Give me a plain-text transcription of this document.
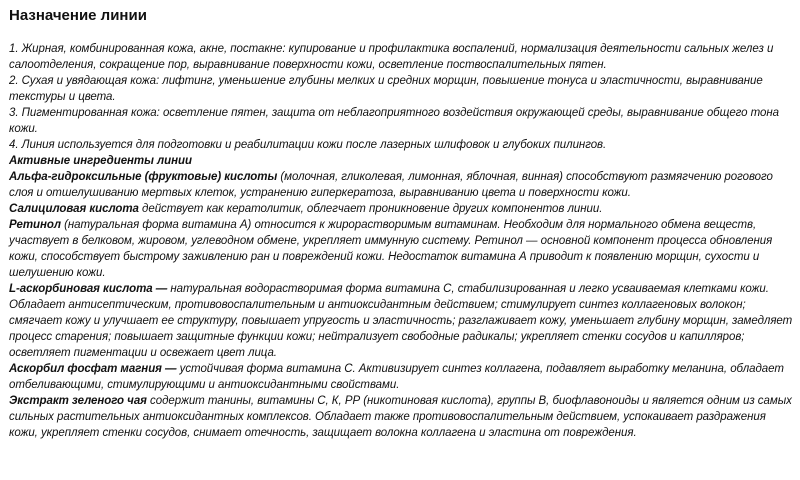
Назначение линии

1. Жирная, комбинированная кожа, акне, постакне: купирование и профилактика воспалений, нормализация деятельности сальных желез и салоотделения, сокращение пор, выравнивание поверхности кожи, осветление поствоспалительных пятен.

2. Сухая и увядающая кожа: лифтинг, уменьшение глубины мелких и средних морщин, повышение тонуса и эластичности, выравнивание текстуры и цвета.

3. Пигментированная кожа: осветление пятен, защита от неблагоприятного воздействия окружающей среды, выравнивание общего тона кожи.

4. Линия используется для подготовки и реабилитации кожи после лазерных шлифовок и глубоких пилингов.

Активные ингредиенты линии

Альфа-гидроксильные (фруктовые) кислоты (молочная, гликолевая, лимонная, яблочная, винная) способствуют размягчению рогового слоя и отшелушиванию мертвых клеток, устранению гиперкератоза, выравниванию цвета и поверхности кожи.

Салициловая кислота действует как кератолитик, облегчает проникновение других компонентов линии.

Ретинол (натуральная форма витамина А) относится к жирорастворимым витаминам. Необходим для нормального обмена веществ, участвует в белковом, жировом, углеводном обмене, укрепляет иммунную систему. Ретинол — основной компонент процесса обновления кожи, способствует быстрому заживлению ран и повреждений кожи. Недостаток витамина А приводит к появлению морщин, сухости и шелушению кожи.

L-аскорбиновая кислота — натуральная водорастворимая форма витамина С, стабилизированная и легко усваиваемая клетками кожи. Обладает антисептическим, противовоспалительным и антиоксидантным действием; стимулирует синтез коллагеновых волокон; смягчает кожу и улучшает ее структуру, повышает упругость и эластичность; разглаживает кожу, уменьшает глубину морщин, замедляет процесс старения; повышает защитные функции кожи; нейтрализует свободные радикалы; укрепляет стенки сосудов и капилляров; осветляет пигментации и освежает цвет лица.

Аскорбил фосфат магния — устойчивая форма витамина С. Активизирует синтез коллагена, подавляет выработку меланина, обладает отбеливающими, стимулирующими и антиоксидантными свойствами.

Экстракт зеленого чая содержит танины, витамины С, К, РР (никотиновая кислота), группы В, биофлавоноиды и является одним из самых сильных растительных антиоксидантных комплексов. Обладает также противовоспалительным действием, успокаивает раздражения кожи, укрепляет стенки сосудов, снимает отечность, защищает волокна коллагена и эластина от повреждения.
